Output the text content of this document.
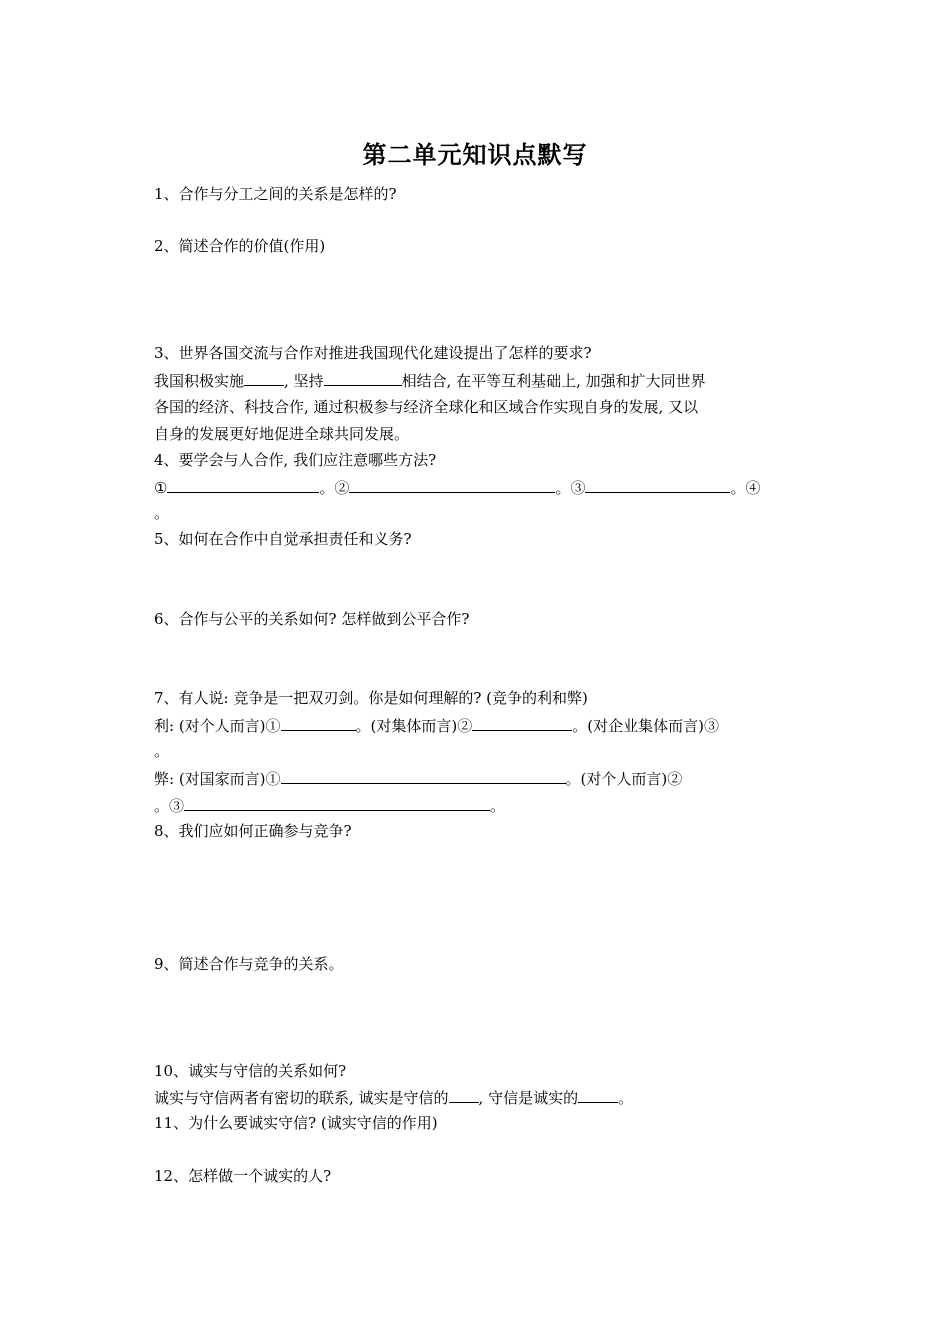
第二单元知识点默写
1、合作与分工之间的关系是怎样的?
2、简述合作的价值(作用)
3、世界各国交流与合作对推进我国现代化建设提出了怎样的要求?
我国积极实施	, 坚持	相结合, 在平等互利基础上, 加强和扩大同世界
各国的经济、科技合作, 通过积极参与经济全球化和区域合作实现自身的发展, 又以
自身的发展更好地促进全球共同发展。
4、要学会与人合作, 我们应注意哪些方法?
①	。②	。③	。④
。
5、如何在合作中自觉承担责任和义务?
6、合作与公平的关系如何? 怎样做到公平合作?
7、有人说: 竞争是一把双刃剑。你是如何理解的? (竞争的利和弊)
利: (对个人而言)①	。(对集体而言)②	。(对企业集体而言)③
。
弊: (对国家而言)①	。(对个人而言)②
。③	。
8、我们应如何正确参与竞争?
9、简述合作与竞争的关系。
10、诚实与守信的关系如何?
诚实与守信两者有密切的联系, 诚实是守信的 , 守信是诚实的	。
11、为什么要诚实守信? (诚实守信的作用)
12、怎样做一个诚实的人?
